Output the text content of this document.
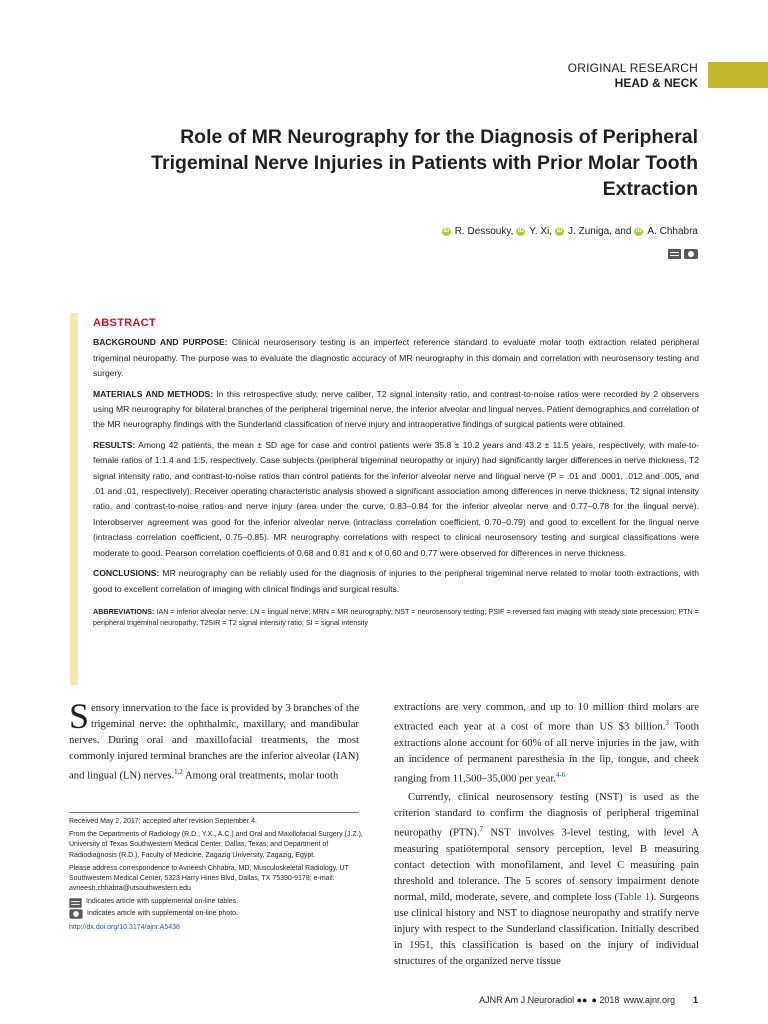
ORIGINAL RESEARCH
HEAD & NECK
Role of MR Neurography for the Diagnosis of Peripheral Trigeminal Nerve Injuries in Patients with Prior Molar Tooth Extraction
iD R. Dessouky, iD Y. Xi, iD J. Zuniga, and iD A. Chhabra
ABSTRACT

BACKGROUND AND PURPOSE: Clinical neurosensory testing is an imperfect reference standard to evaluate molar tooth extraction related peripheral trigeminal neuropathy. The purpose was to evaluate the diagnostic accuracy of MR neurography in this domain and correlation with neurosensory testing and surgery.

MATERIALS AND METHODS: In this retrospective study, nerve caliber, T2 signal intensity ratio, and contrast-to-noise ratios were recorded by 2 observers using MR neurography for bilateral branches of the peripheral trigeminal nerve, the inferior alveolar and lingual nerves. Patient demographics and correlation of the MR neurography findings with the Sunderland classification of nerve injury and intraoperative findings of surgical patients were obtained.

RESULTS: Among 42 patients, the mean ± SD age for case and control patients were 35.8 ± 10.2 years and 43.2 ± 11.5 years, respectively, with male-to-female ratios of 1:1.4 and 1:5, respectively. Case subjects (peripheral trigeminal neuropathy or injury) had significantly larger differences in nerve thickness, T2 signal intensity ratio, and contrast-to-noise ratios than control patients for the inferior alveolar nerve and lingual nerve (P = .01 and .0001, .012 and .005, and .01 and .01, respectively). Receiver operating characteristic analysis showed a significant association among differences in nerve thickness, T2 signal intensity ratio, and contrast-to-noise ratios and nerve injury (area under the curve, 0.83–0.84 for the inferior alveolar nerve and 0.77–0.78 for the lingual nerve). Interobserver agreement was good for the inferior alveolar nerve (intraclass correlation coefficient, 0.70–0.79) and good to excellent for the lingual nerve (intraclass correlation coefficient, 0.75–0.85). MR neurography correlations with respect to clinical neurosensory testing and surgical classifications were moderate to good. Pearson correlation coefficients of 0.68 and 0.81 and κ of 0.60 and 0.77 were observed for differences in nerve thickness.

CONCLUSIONS: MR neurography can be reliably used for the diagnosis of injuries to the peripheral trigeminal nerve related to molar tooth extractions, with good to excellent correlation of imaging with clinical findings and surgical results.

ABBREVIATIONS: IAN = inferior alveolar nerve; LN = lingual nerve; MRN = MR neurography; NST = neurosensory testing; PSIF = reversed fast imaging with steady state precession; PTN = peripheral trigeminal neuropathy; T2SIR = T2 signal intensity ratio; SI = signal intensity

Sensory innervation to the face is provided by 3 branches of the trigeminal nerve: the ophthalmic, maxillary, and mandibular nerves. During oral and maxillofacial treatments, the most commonly injured terminal branches are the inferior alveolar (IAN) and lingual (LN) nerves.$^{1,2}$ Among oral treatments, molar tooth

extractions are very common, and up to 10 million third molars are extracted each year at a cost of more than US $3 billion.$^3$ Tooth extractions alone account for 60% of all nerve injuries in the jaw, with an incidence of permanent paresthesia in the lip, tongue, and cheek ranging from 11,500–35,000 per year.$^{4-6}$

Currently, clinical neurosensory testing (NST) is used as the criterion standard to confirm the diagnosis of peripheral trigeminal neuropathy (PTN).$^7$ NST involves 3-level testing, with level A measuring spatiotemporal sensory perception, level B measuring contact detection with monofilament, and level C measuring pain threshold and tolerance. The 5 scores of sensory impairment denote normal, mild, moderate, severe, and complete loss (Table 1). Surgeons use clinical history and NST to diagnose neuropathy and stratify nerve injury with respect to the Sunderland classification. Initially described in 1951, this classification is based on the injury of individual structures of the organized nerve tissue

Received May 2, 2017; accepted after revision September 4.

From the Departments of Radiology (R.D., Y.X., A.C.) and Oral and Maxillofacial Surgery (J.Z.), University of Texas Southwestern Medical Center, Dallas, Texas; and Department of Radiodiagnosis (R.D.), Faculty of Medicine, Zagazig University, Zagazig, Egypt.

Please address correspondence to Avneesh Chhabra, MD, Musculoskeletal Radiology, UT Southwestern Medical Center, 5323 Harry Hines Blvd, Dallas, TX 75390-9178; e-mail: avneesh.chhabra@utsouthwestern.edu

Indicates article with supplemental on-line tables.
Indicates article with supplemental on-line photo.

http://dx.doi.org/10.3174/ajnr.A5438

AJNR Am J Neuroradiol ●● ● 2018 www.ajnr.org 1
